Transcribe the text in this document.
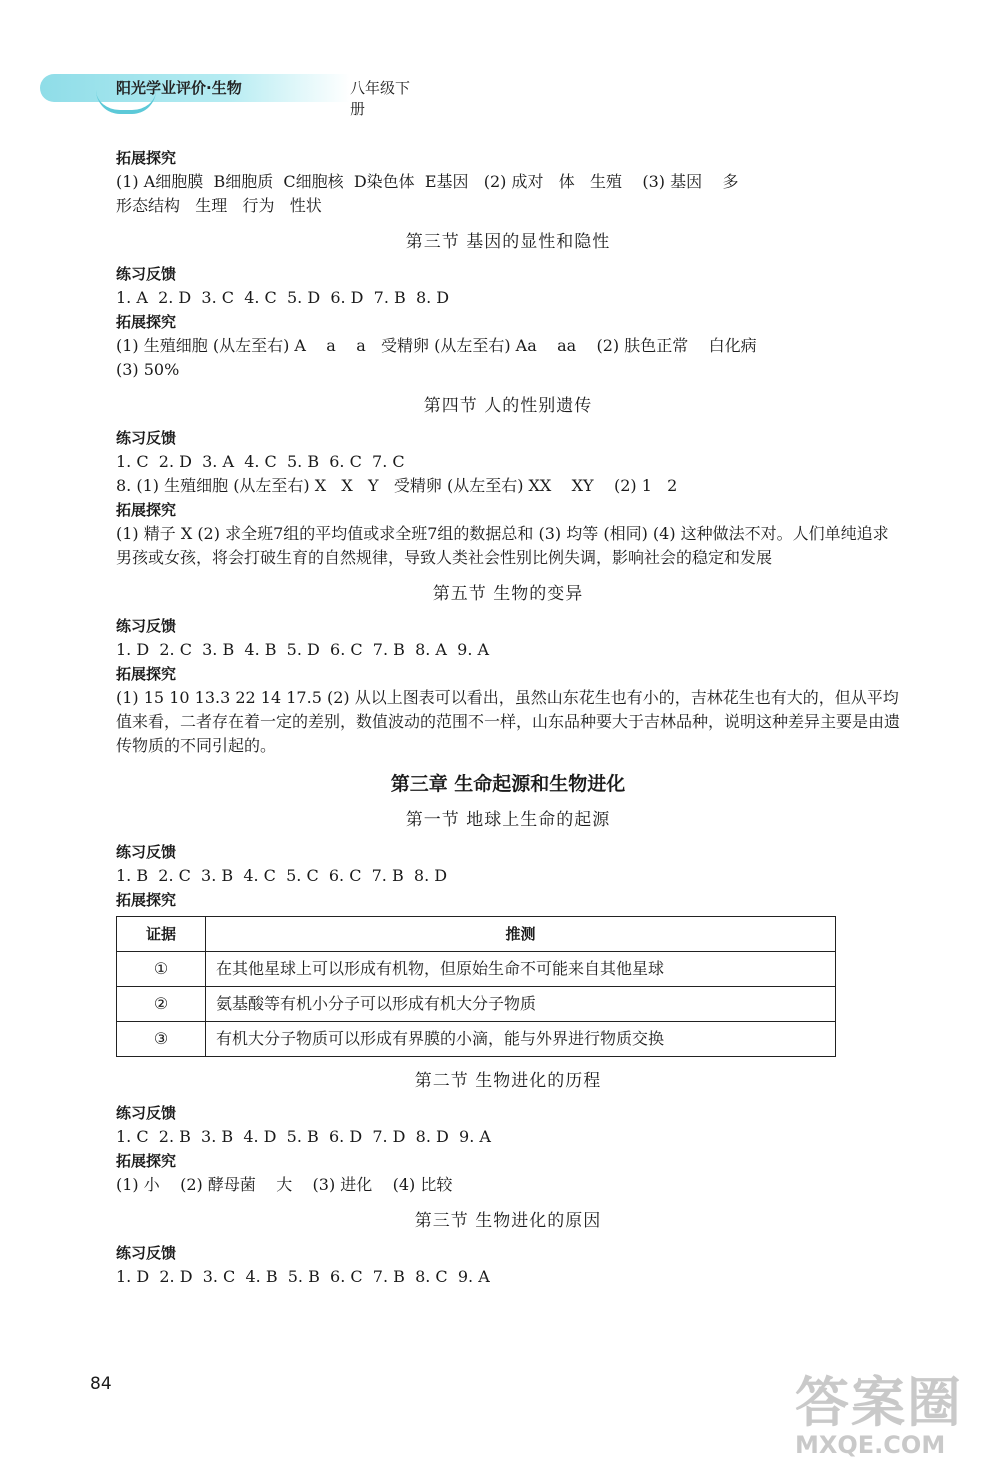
阳光学业评价·生物	八年级下册
拓展探究
(1) A细胞膜  B细胞质  C细胞核  D染色体  E基因   (2) 成对   体   生殖    (3) 基因    多
形态结构   生理   行为   性状
第三节 基因的显性和隐性
练习反馈
1. A  2. D  3. C  4. C  5. D  6. D  7. B  8. D
拓展探究
(1) 生殖细胞 (从左至右) A    a    a   受精卵 (从左至右) Aa    aa    (2) 肤色正常    白化病
(3) 50%
第四节 人的性别遗传
练习反馈
1. C  2. D  3. A  4. C  5. B  6. C  7. C
8. (1) 生殖细胞 (从左至右) X   X   Y   受精卵 (从左至右) XX    XY    (2) 1   2
拓展探究
(1) 精子 X (2) 求全班7组的平均值或求全班7组的数据总和 (3) 均等 (相同) (4) 这种做法不对。人们单纯追求男孩或女孩，将会打破生育的自然规律，导致人类社会性别比例失调，影响社会的稳定和发展
第五节 生物的变异
练习反馈
1. D  2. C  3. B  4. B  5. D  6. C  7. B  8. A  9. A
拓展探究
(1) 15 10 13.3 22 14 17.5 (2) 从以上图表可以看出，虽然山东花生也有小的，吉林花生也有大的，但从平均值来看，二者存在着一定的差别，数值波动的范围不一样，山东品种要大于吉林品种，说明这种差异主要是由遗传物质的不同引起的。
第三章 生命起源和生物进化
第一节 地球上生命的起源
练习反馈
1. B  2. C  3. B  4. C  5. C  6. C  7. B  8. D
拓展探究
证据	推测
①	在其他星球上可以形成有机物，但原始生命不可能来自其他星球
②	氨基酸等有机小分子可以形成有机大分子物质
③	有机大分子物质可以形成有界膜的小滴，能与外界进行物质交换
第二节 生物进化的历程
练习反馈
1. C  2. B  3. B  4. D  5. B  6. D  7. D  8. D  9. A
拓展探究
(1) 小    (2) 酵母菌    大    (3) 进化    (4) 比较
第三节 生物进化的原因
练习反馈
1. D  2. D  3. C  4. B  5. B  6. C  7. B  8. C  9. A
84	答案圈
MXQE.COM
